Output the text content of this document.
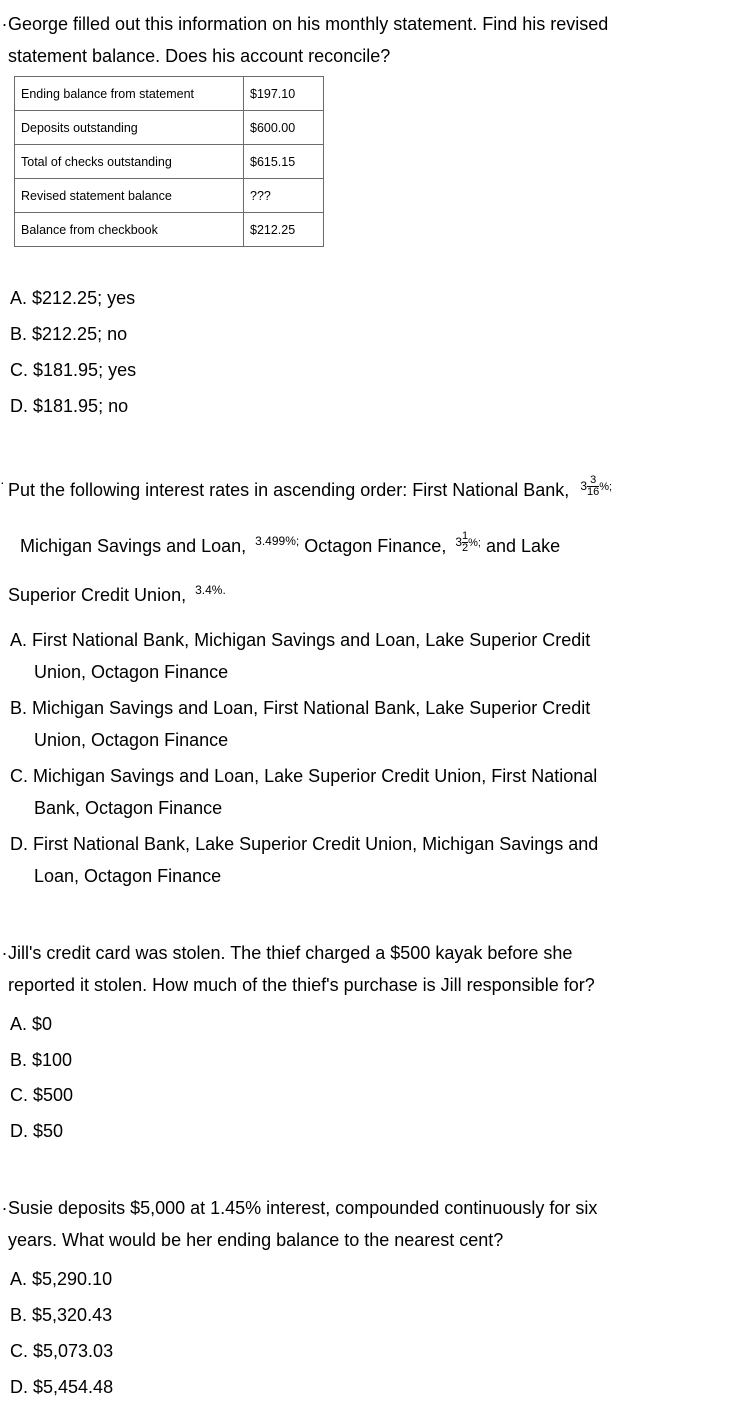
. George filled out this information on his monthly statement. Find his revised
statement balance. Does his account reconcile?
Ending balance from statement	$197.10
Deposits outstanding	$600.00
Total of checks outstanding	$615.15
Revised statement balance	???
Balance from checkbook	$212.25
A. $212.25; yes
B. $212.25; no
C. $181.95; yes
D. $181.95; no
· Put the following interest rates in ascending order: First National Bank, $3 \frac{3}{16}$ %;
Michigan Savings and Loan, $^{3.499\%;}$ Octagon Finance, $3 \frac{1}{2}$ %; and Lake
Superior Credit Union, $^{3.4\%.}$
A. First National Bank, Michigan Savings and Loan, Lake Superior Credit
Union, Octagon Finance
B. Michigan Savings and Loan, First National Bank, Lake Superior Credit
Union, Octagon Finance
C. Michigan Savings and Loan, Lake Superior Credit Union, First National
Bank, Octagon Finance
D. First National Bank, Lake Superior Credit Union, Michigan Savings and
Loan, Octagon Finance
. Jill's credit card was stolen. The thief charged a $500 kayak before she
reported it stolen. How much of the thief's purchase is Jill responsible for?
A. $0
B. $100
C. $500
D. $50
. Susie deposits $5,000 at 1.45% interest, compounded continuously for six
years. What would be her ending balance to the nearest cent?
A. $5,290.10
B. $5,320.43
C. $5,073.03
D. $5,454.48
